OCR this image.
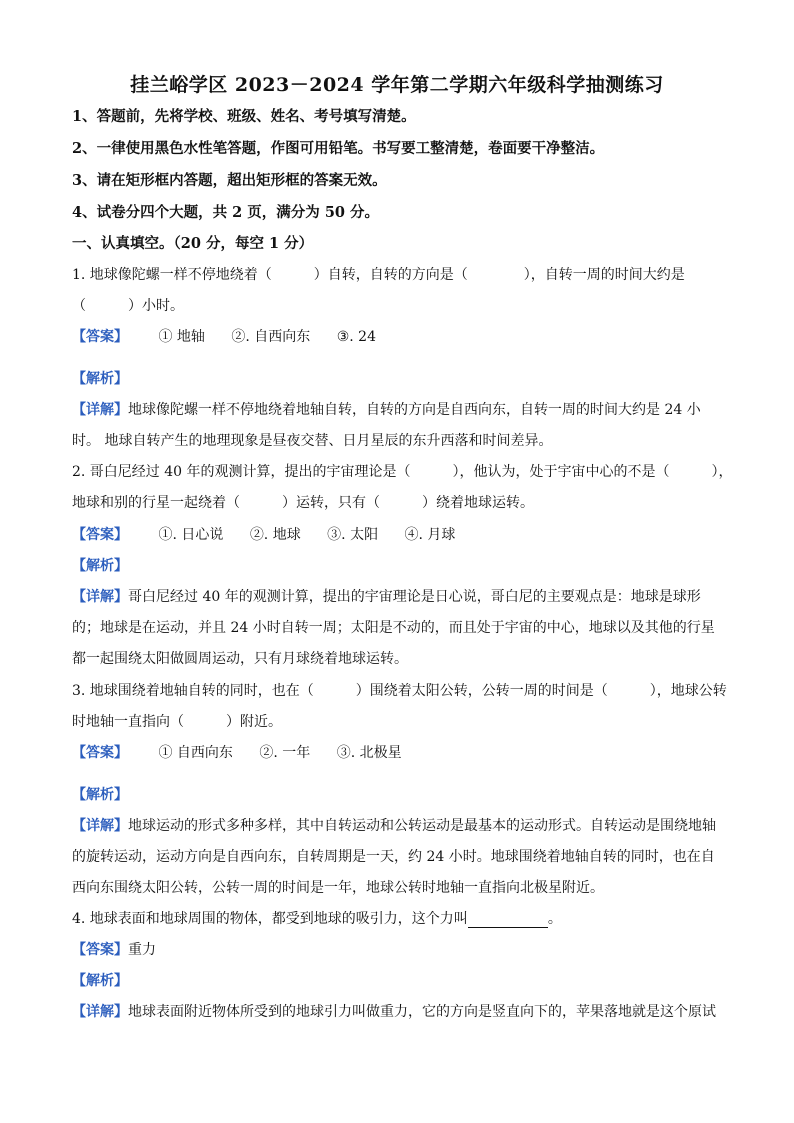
挂兰峪学区 2023－2024 学年第二学期六年级科学抽测练习
1、答题前，先将学校、班级、姓名、考号填写清楚。
2、一律使用黑色水性笔答题，作图可用铅笔。书写要工整清楚，卷面要干净整洁。
3、请在矩形框内答题，超出矩形框的答案无效。
4、试卷分四个大题，共 2 页，满分为 50 分。
一、认真填空。（20 分，每空 1 分）
1. 地球像陀螺一样不停地绕着（　　　）自转，自转的方向是（　　　　），自转一周的时间大约是
（　　　）小时。
【答案】 ① 地轴 ②. 自西向东 ③. 24
【解析】
【详解】地球像陀螺一样不停地绕着地轴自转，自转的方向是自西向东，自转一周的时间大约是 24 小
时。 地球自转产生的地理现象是昼夜交替、日月星辰的东升西落和时间差异。
2. 哥白尼经过 40 年的观测计算，提出的宇宙理论是（　　　），他认为，处于宇宙中心的不是（　　　），
地球和别的行星一起绕着（　　　）运转，只有（　　　）绕着地球运转。
【答案】 ①. 日心说 ②. 地球 ③. 太阳 ④. 月球
【解析】
【详解】哥白尼经过 40 年的观测计算，提出的宇宙理论是日心说，哥白尼的主要观点是：地球是球形
的；地球是在运动，并且 24 小时自转一周；太阳是不动的，而且处于宇宙的中心，地球以及其他的行星
都一起围绕太阳做圆周运动，只有月球绕着地球运转。
3. 地球围绕着地轴自转的同时，也在（　　　）围绕着太阳公转，公转一周的时间是（　　　），地球公转
时地轴一直指向（　　　）附近。
【答案】 ① 自西向东 ②. 一年 ③. 北极星
【解析】
【详解】地球运动的形式多种多样，其中自转运动和公转运动是最基本的运动形式。自转运动是围绕地轴
的旋转运动，运动方向是自西向东，自转周期是一天，约 24 小时。地球围绕着地轴自转的同时，也在自
西向东围绕太阳公转，公转一周的时间是一年，地球公转时地轴一直指向北极星附近。
4. 地球表面和地球周围的物体，都受到地球的吸引力，这个力叫	。
【答案】重力
【解析】
【详解】地球表面附近物体所受到的地球引力叫做重力，它的方向是竖直向下的，苹果落地就是这个原试
